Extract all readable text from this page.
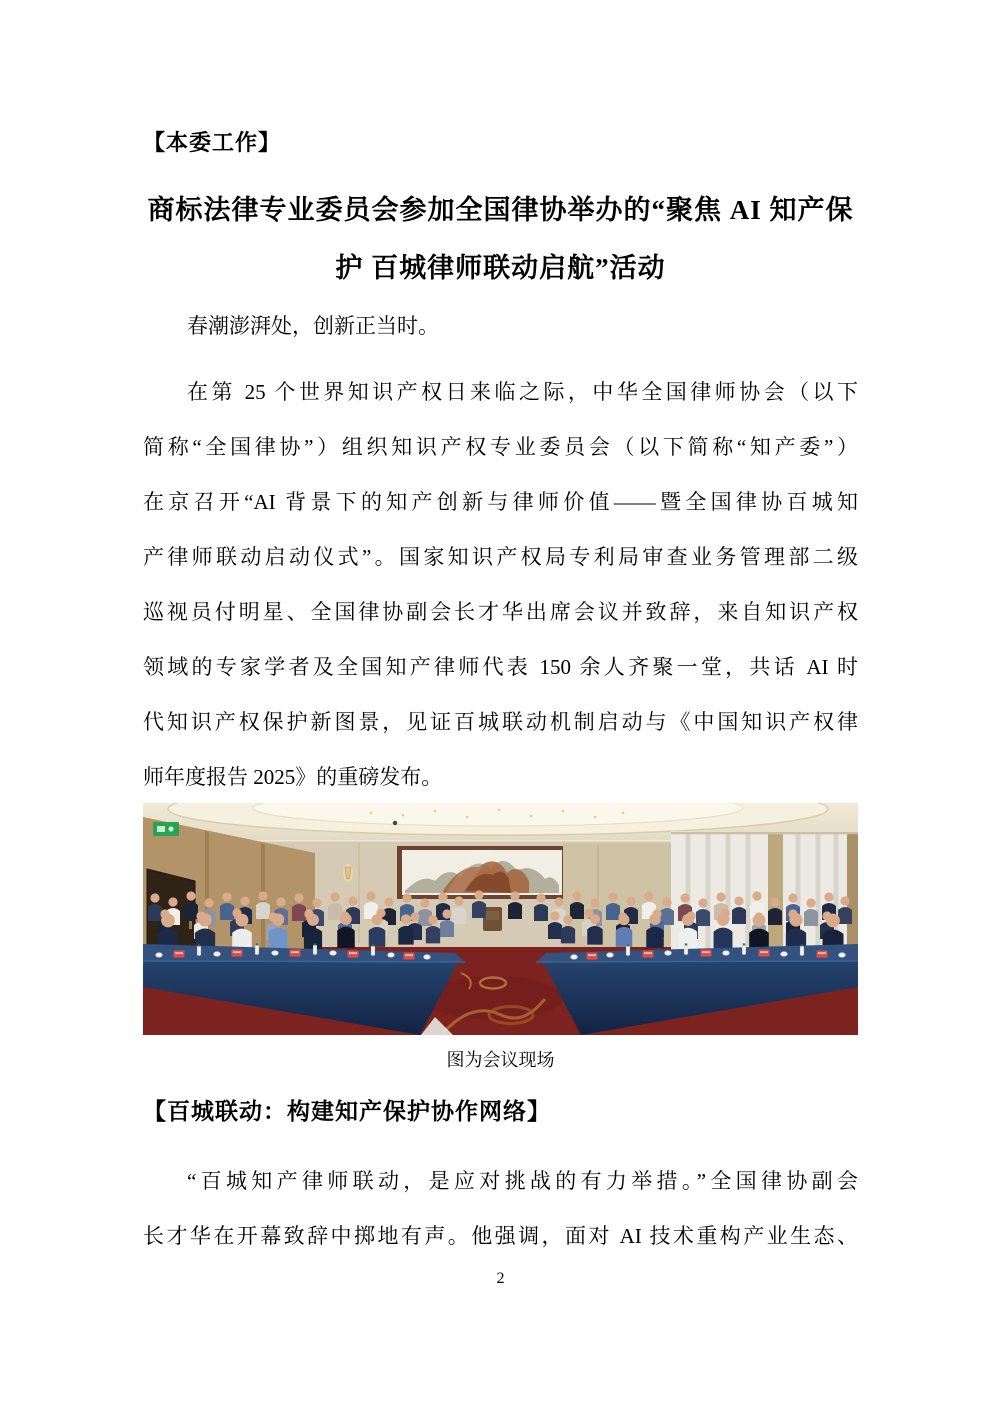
【本委工作】
商标法律专业委员会参加全国律协举办的“聚焦 AI 知产保
护 百城律师联动启航”活动
春潮澎湃处，创新正当时。
在第 25 个世界知识产权日来临之际，中华全国律师协会（以下
简称“全国律协”）组织知识产权专业委员会（以下简称“知产委”）
在京召开“AI 背景下的知产创新与律师价值——暨全国律协百城知
产律师联动启动仪式”。国家知识产权局专利局审查业务管理部二级
巡视员付明星、全国律协副会长才华出席会议并致辞，来自知识产权
领域的专家学者及全国知产律师代表 150 余人齐聚一堂，共话 AI 时
代知识产权保护新图景，见证百城联动机制启动与《中国知识产权律
师年度报告 2025》的重磅发布。
图为会议现场
【百城联动：构建知产保护协作网络】
“百城知产律师联动，是应对挑战的有力举措。”全国律协副会
长才华在开幕致辞中掷地有声。他强调，面对 AI 技术重构产业生态、
2
